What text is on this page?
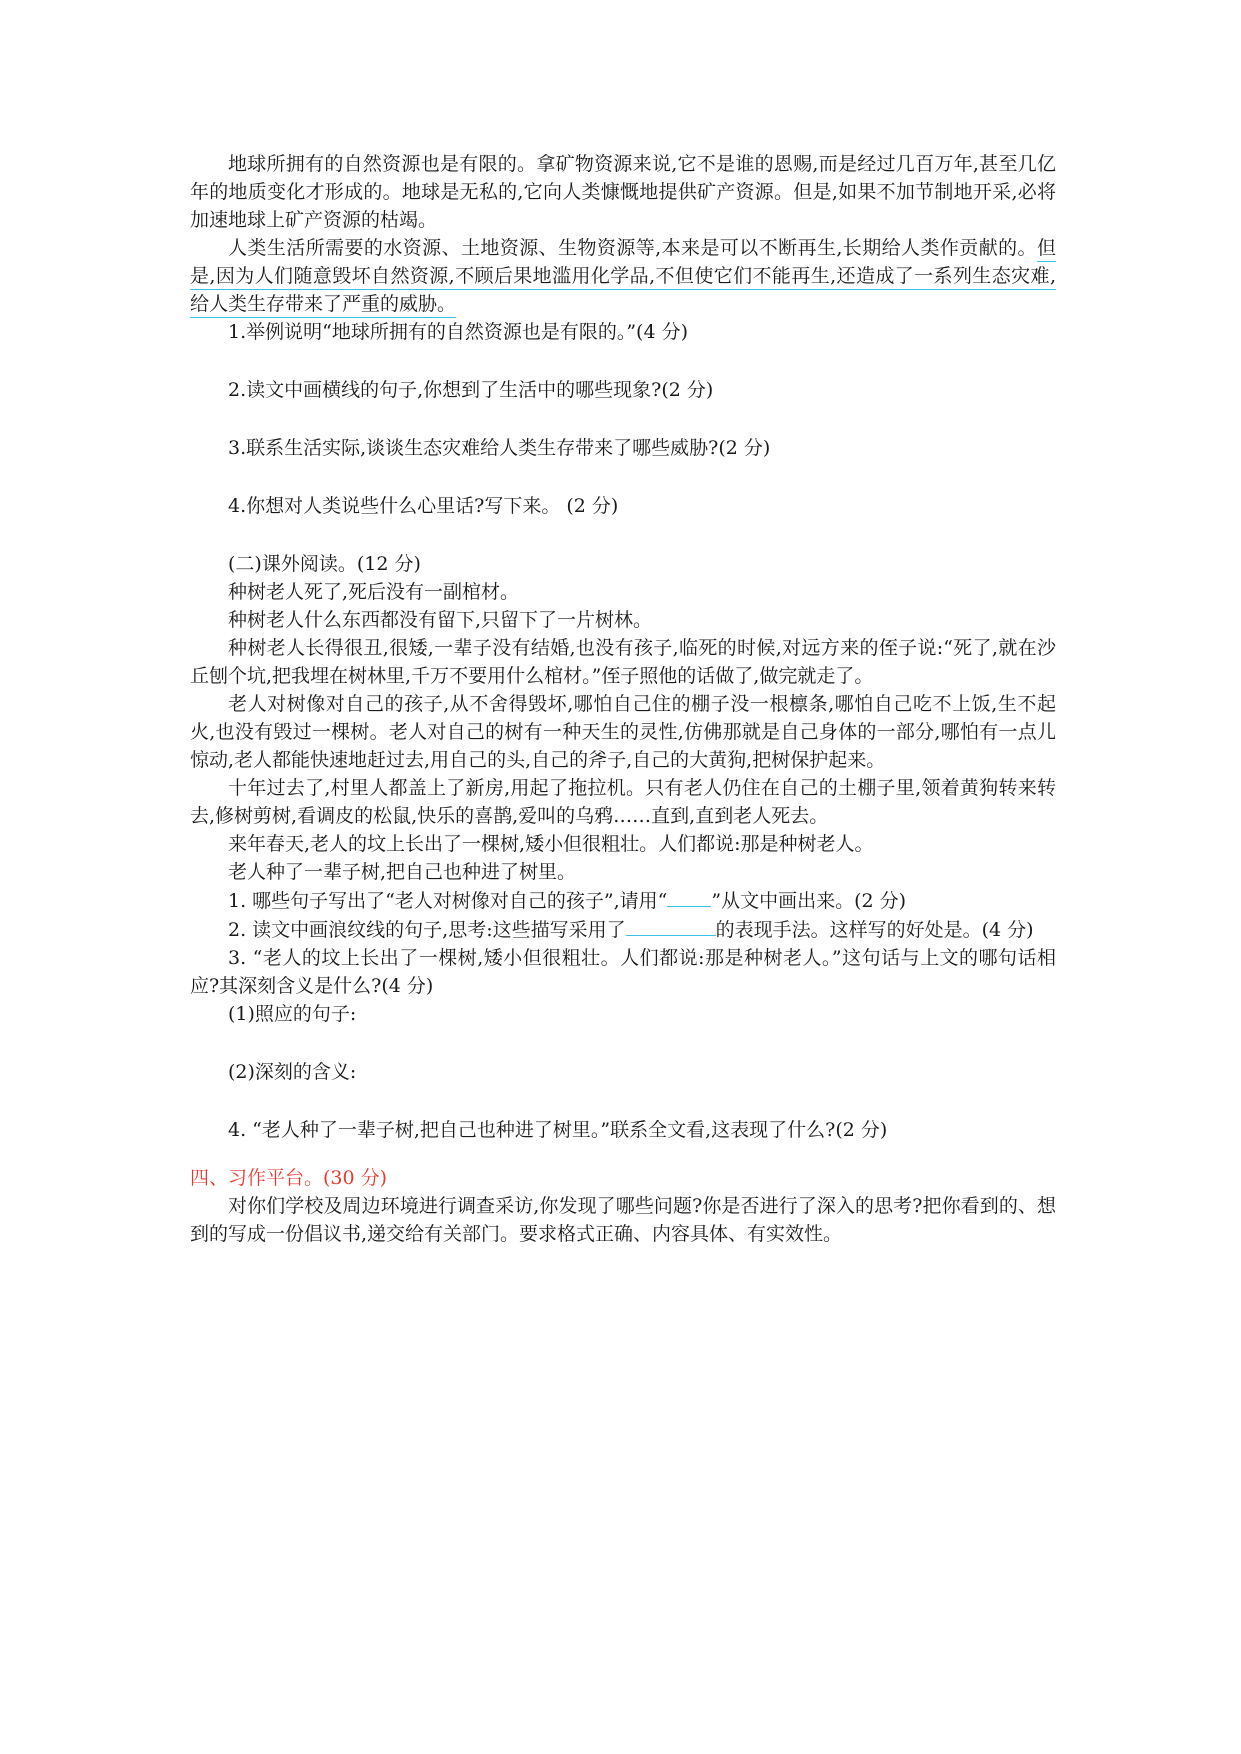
地球所拥有的自然资源也是有限的。拿矿物资源来说,它不是谁的恩赐,而是经过几百万年,甚至几亿年的地质变化才形成的。地球是无私的,它向人类慷慨地提供矿产资源。但是,如果不加节制地开采,必将加速地球上矿产资源的枯竭。

人类生活所需要的水资源、土地资源、生物资源等,本来是可以不断再生,长期给人类作贡献的。但是,因为人们随意毁坏自然资源,不顾后果地滥用化学品,不但使它们不能再生,还造成了一系列生态灾难,给人类生存带来了严重的威胁。

1.举例说明“地球所拥有的自然资源也是有限的。”(4 分)

2.读文中画横线的句子,你想到了生活中的哪些现象?(2 分)

3.联系生活实际,谈谈生态灾难给人类生存带来了哪些威胁?(2 分)

4.你想对人类说些什么心里话?写下来。 (2 分)

(二)课外阅读。(12 分)

种树老人死了,死后没有一副棺材。

种树老人什么东西都没有留下,只留下了一片树林。

种树老人长得很丑,很矮,一辈子没有结婚,也没有孩子,临死的时候,对远方来的侄子说:“死了,就在沙丘刨个坑,把我埋在树林里,千万不要用什么棺材。”侄子照他的话做了,做完就走了。

老人对树像对自己的孩子,从不舍得毁坏,哪怕自己住的棚子没一根檩条,哪怕自己吃不上饭,生不起火,也没有毁过一棵树。老人对自己的树有一种天生的灵性,仿佛那就是自己身体的一部分,哪怕有一点儿惊动,老人都能快速地赶过去,用自己的头,自己的斧子,自己的大黄狗,把树保护起来。

十年过去了,村里人都盖上了新房,用起了拖拉机。只有老人仍住在自己的土棚子里,领着黄狗转来转去,修树剪树,看调皮的松鼠,快乐的喜鹊,爱叫的乌鸦……直到,直到老人死去。

来年春天,老人的坟上长出了一棵树,矮小但很粗壮。人们都说:那是种树老人。

老人种了一辈子树,把自己也种进了树里。

1. 哪些句子写出了“老人对树像对自己的孩子”,请用“ ”从文中画出来。(2 分)

2. 读文中画浪纹线的句子,思考:这些描写采用了	的表现手法。这样写的好处是。(4 分)

3. “老人的坟上长出了一棵树,矮小但很粗壮。人们都说:那是种树老人。”这句话与上文的哪句话相应?其深刻含义是什么?(4 分)

(1)照应的句子:

(2)深刻的含义:

4. “老人种了一辈子树,把自己也种进了树里。”联系全文看,这表现了什么?(2 分)

四、习作平台。(30 分)

对你们学校及周边环境进行调查采访,你发现了哪些问题?你是否进行了深入的思考?把你看到的、想到的写成一份倡议书,递交给有关部门。要求格式正确、内容具体、有实效性。
